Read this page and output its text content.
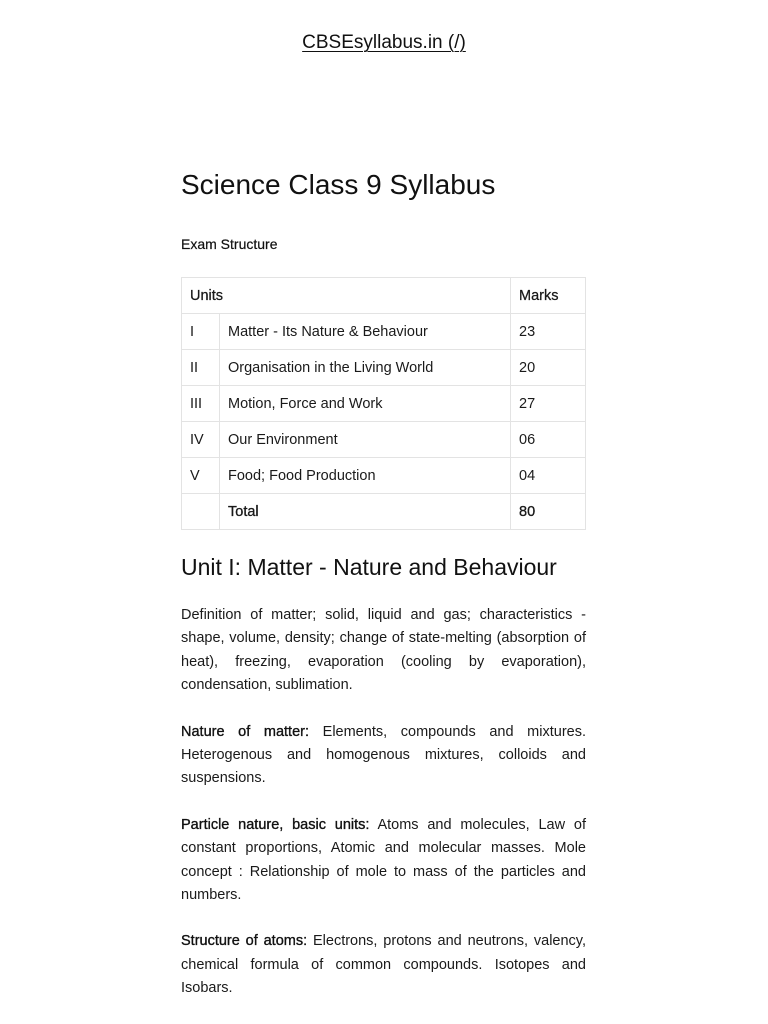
CBSEsyllabus.in (/)
Science Class 9 Syllabus
Exam Structure
Units		Marks
I	Matter - Its Nature & Behaviour	23
II	Organisation in the Living World	20
III	Motion, Force and Work	27
IV	Our Environment	06
V	Food; Food Production	04
	Total	80
Unit I: Matter - Nature and Behaviour

Definition of matter; solid, liquid and gas; characteristics - shape, volume, density; change of state-melting (absorption of heat), freezing, evaporation (cooling by evaporation), condensation, sublimation.

Nature of matter: Elements, compounds and mixtures. Heterogenous and homogenous mixtures, colloids and suspensions.

Particle nature, basic units: Atoms and molecules, Law of constant proportions, Atomic and molecular masses. Mole concept : Relationship of mole to mass of the particles and numbers.

Structure of atoms: Electrons, protons and neutrons, valency, chemical formula of common compounds. Isotopes and Isobars.
